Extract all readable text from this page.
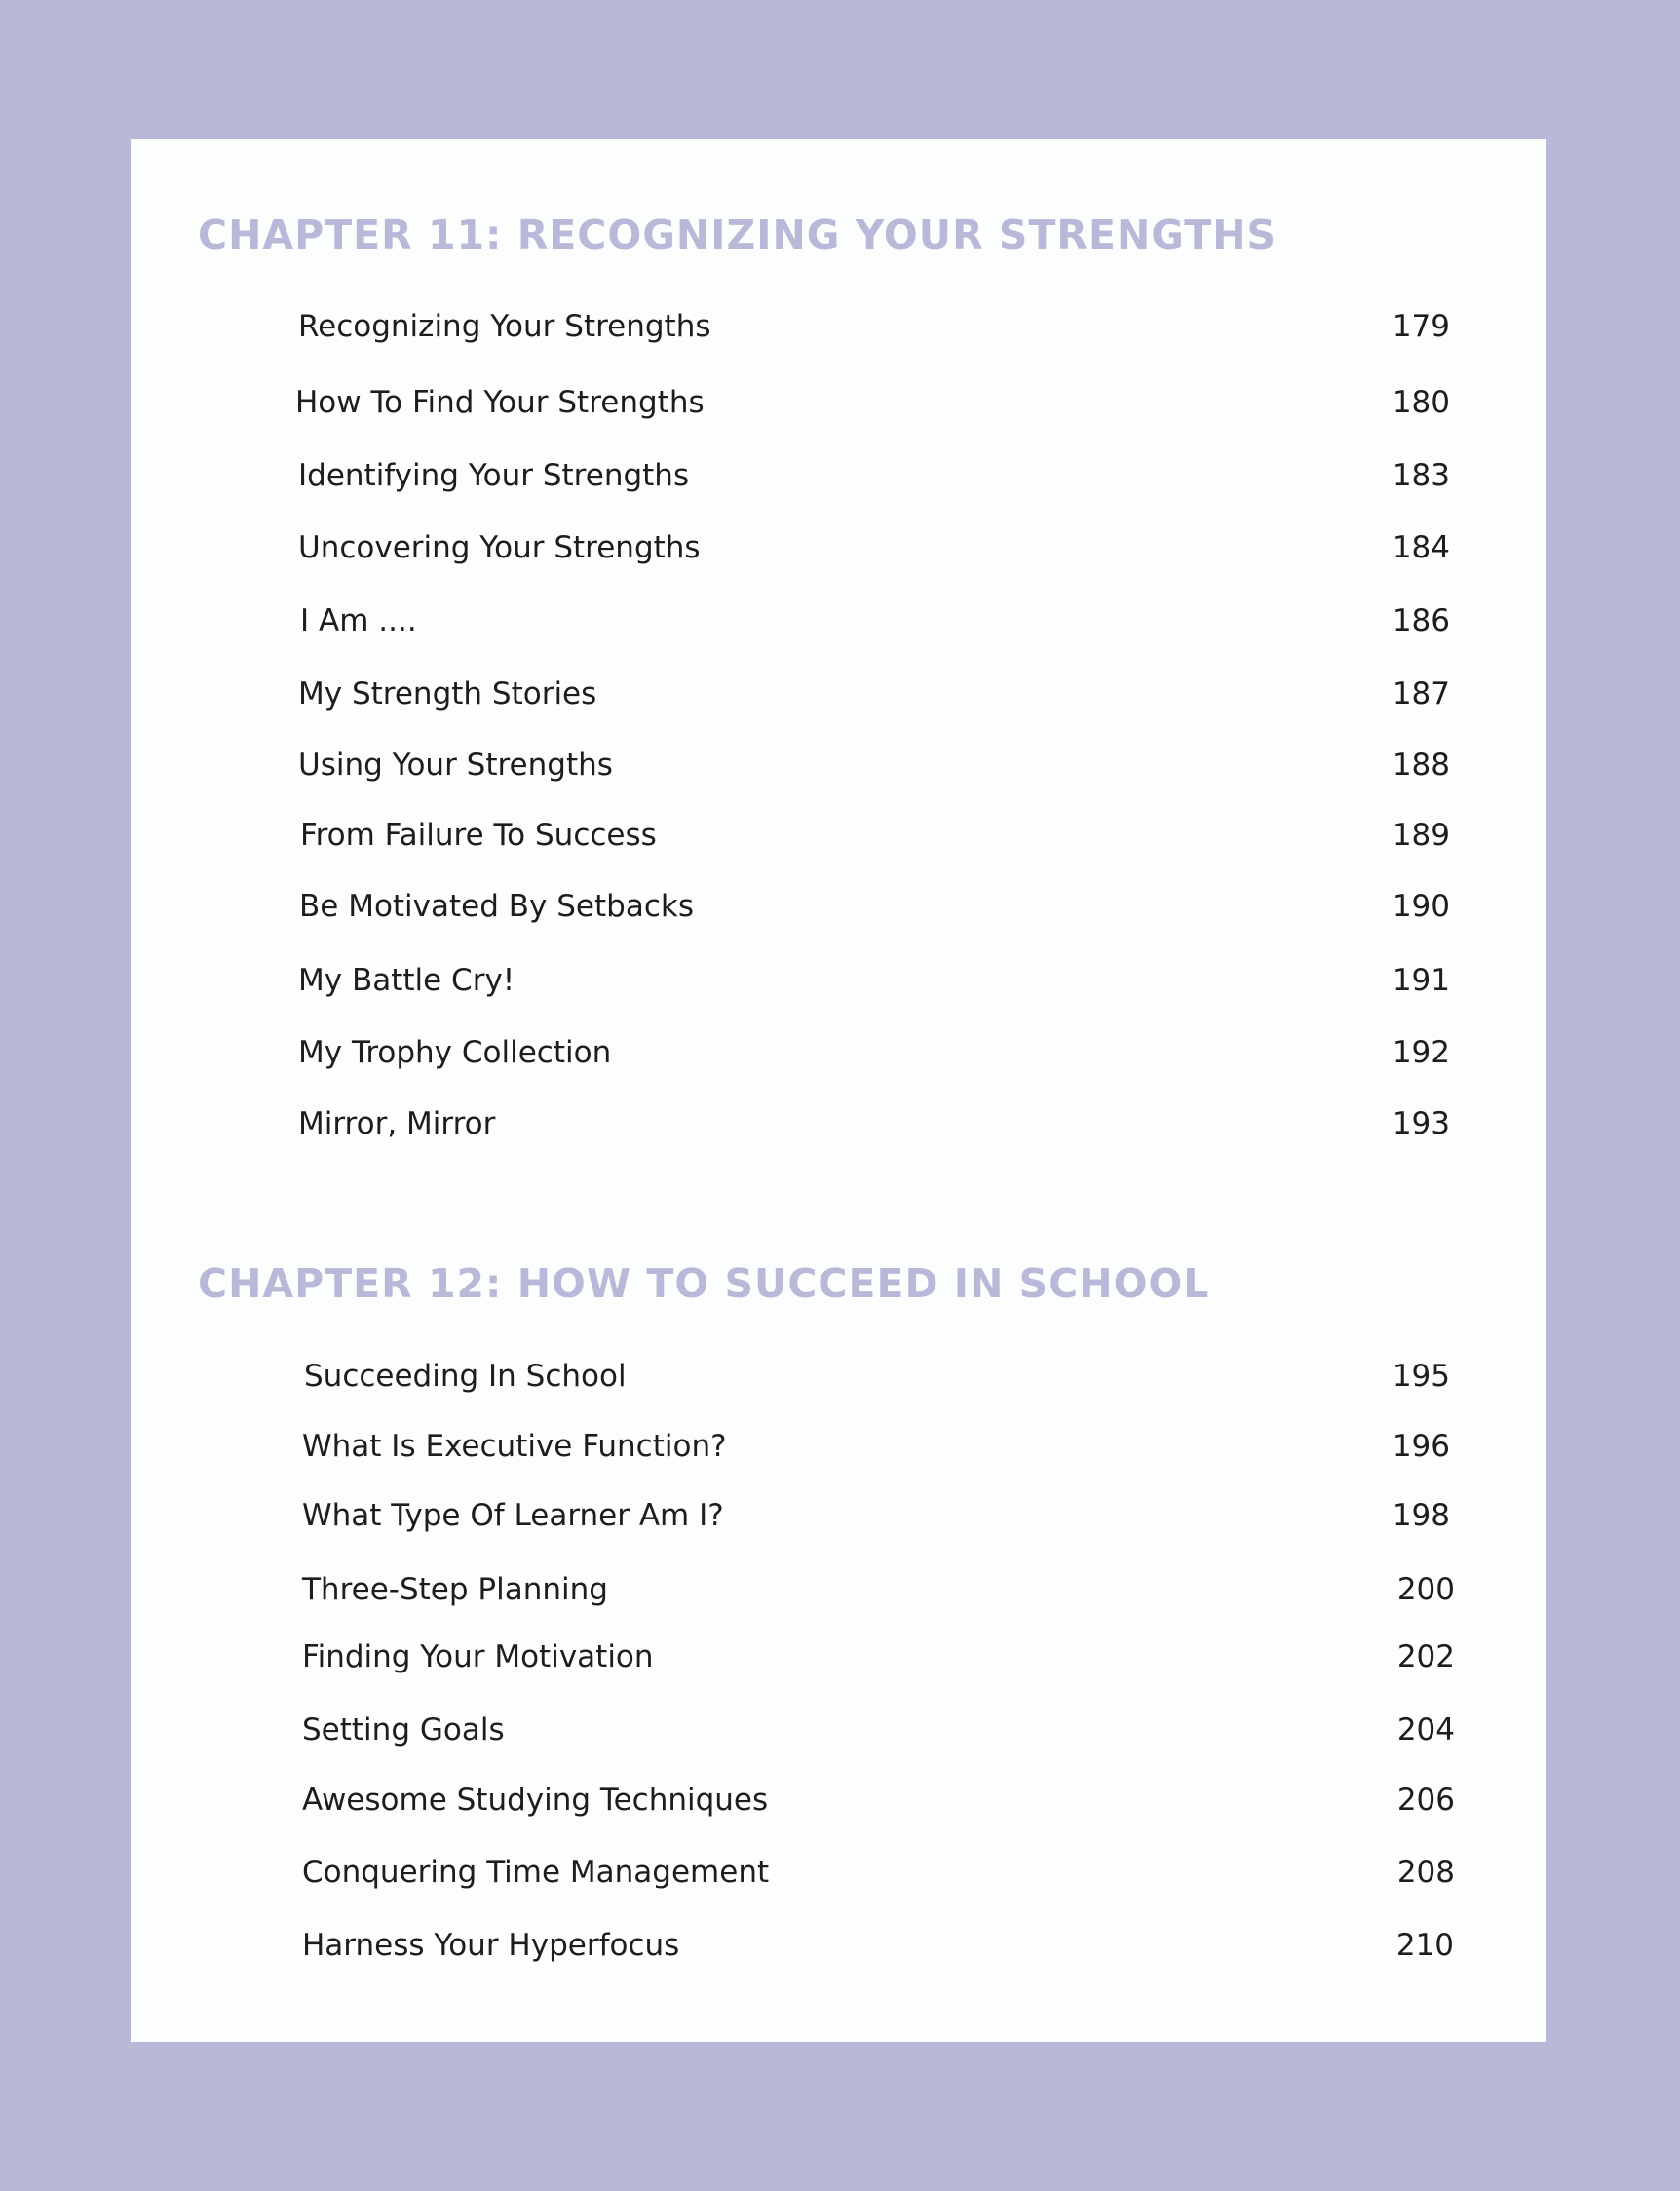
CHAPTER 11: RECOGNIZING YOUR STRENGTHS
Recognizing Your Strengths	179
How To Find Your Strengths	180
Identifying Your Strengths	183
Uncovering Your Strengths	184
I Am ....	186
My Strength Stories	187
Using Your Strengths	188
From Failure To Success	189
Be Motivated By Setbacks	190
My Battle Cry!	191
My Trophy Collection	192
Mirror, Mirror	193
CHAPTER 12: HOW TO SUCCEED IN SCHOOL
Succeeding In School	195
What Is Executive Function?	196
What Type Of Learner Am I?	198
Three-Step Planning	200
Finding Your Motivation	202
Setting Goals	204
Awesome Studying Techniques	206
Conquering Time Management	208
Harness Your Hyperfocus	210
